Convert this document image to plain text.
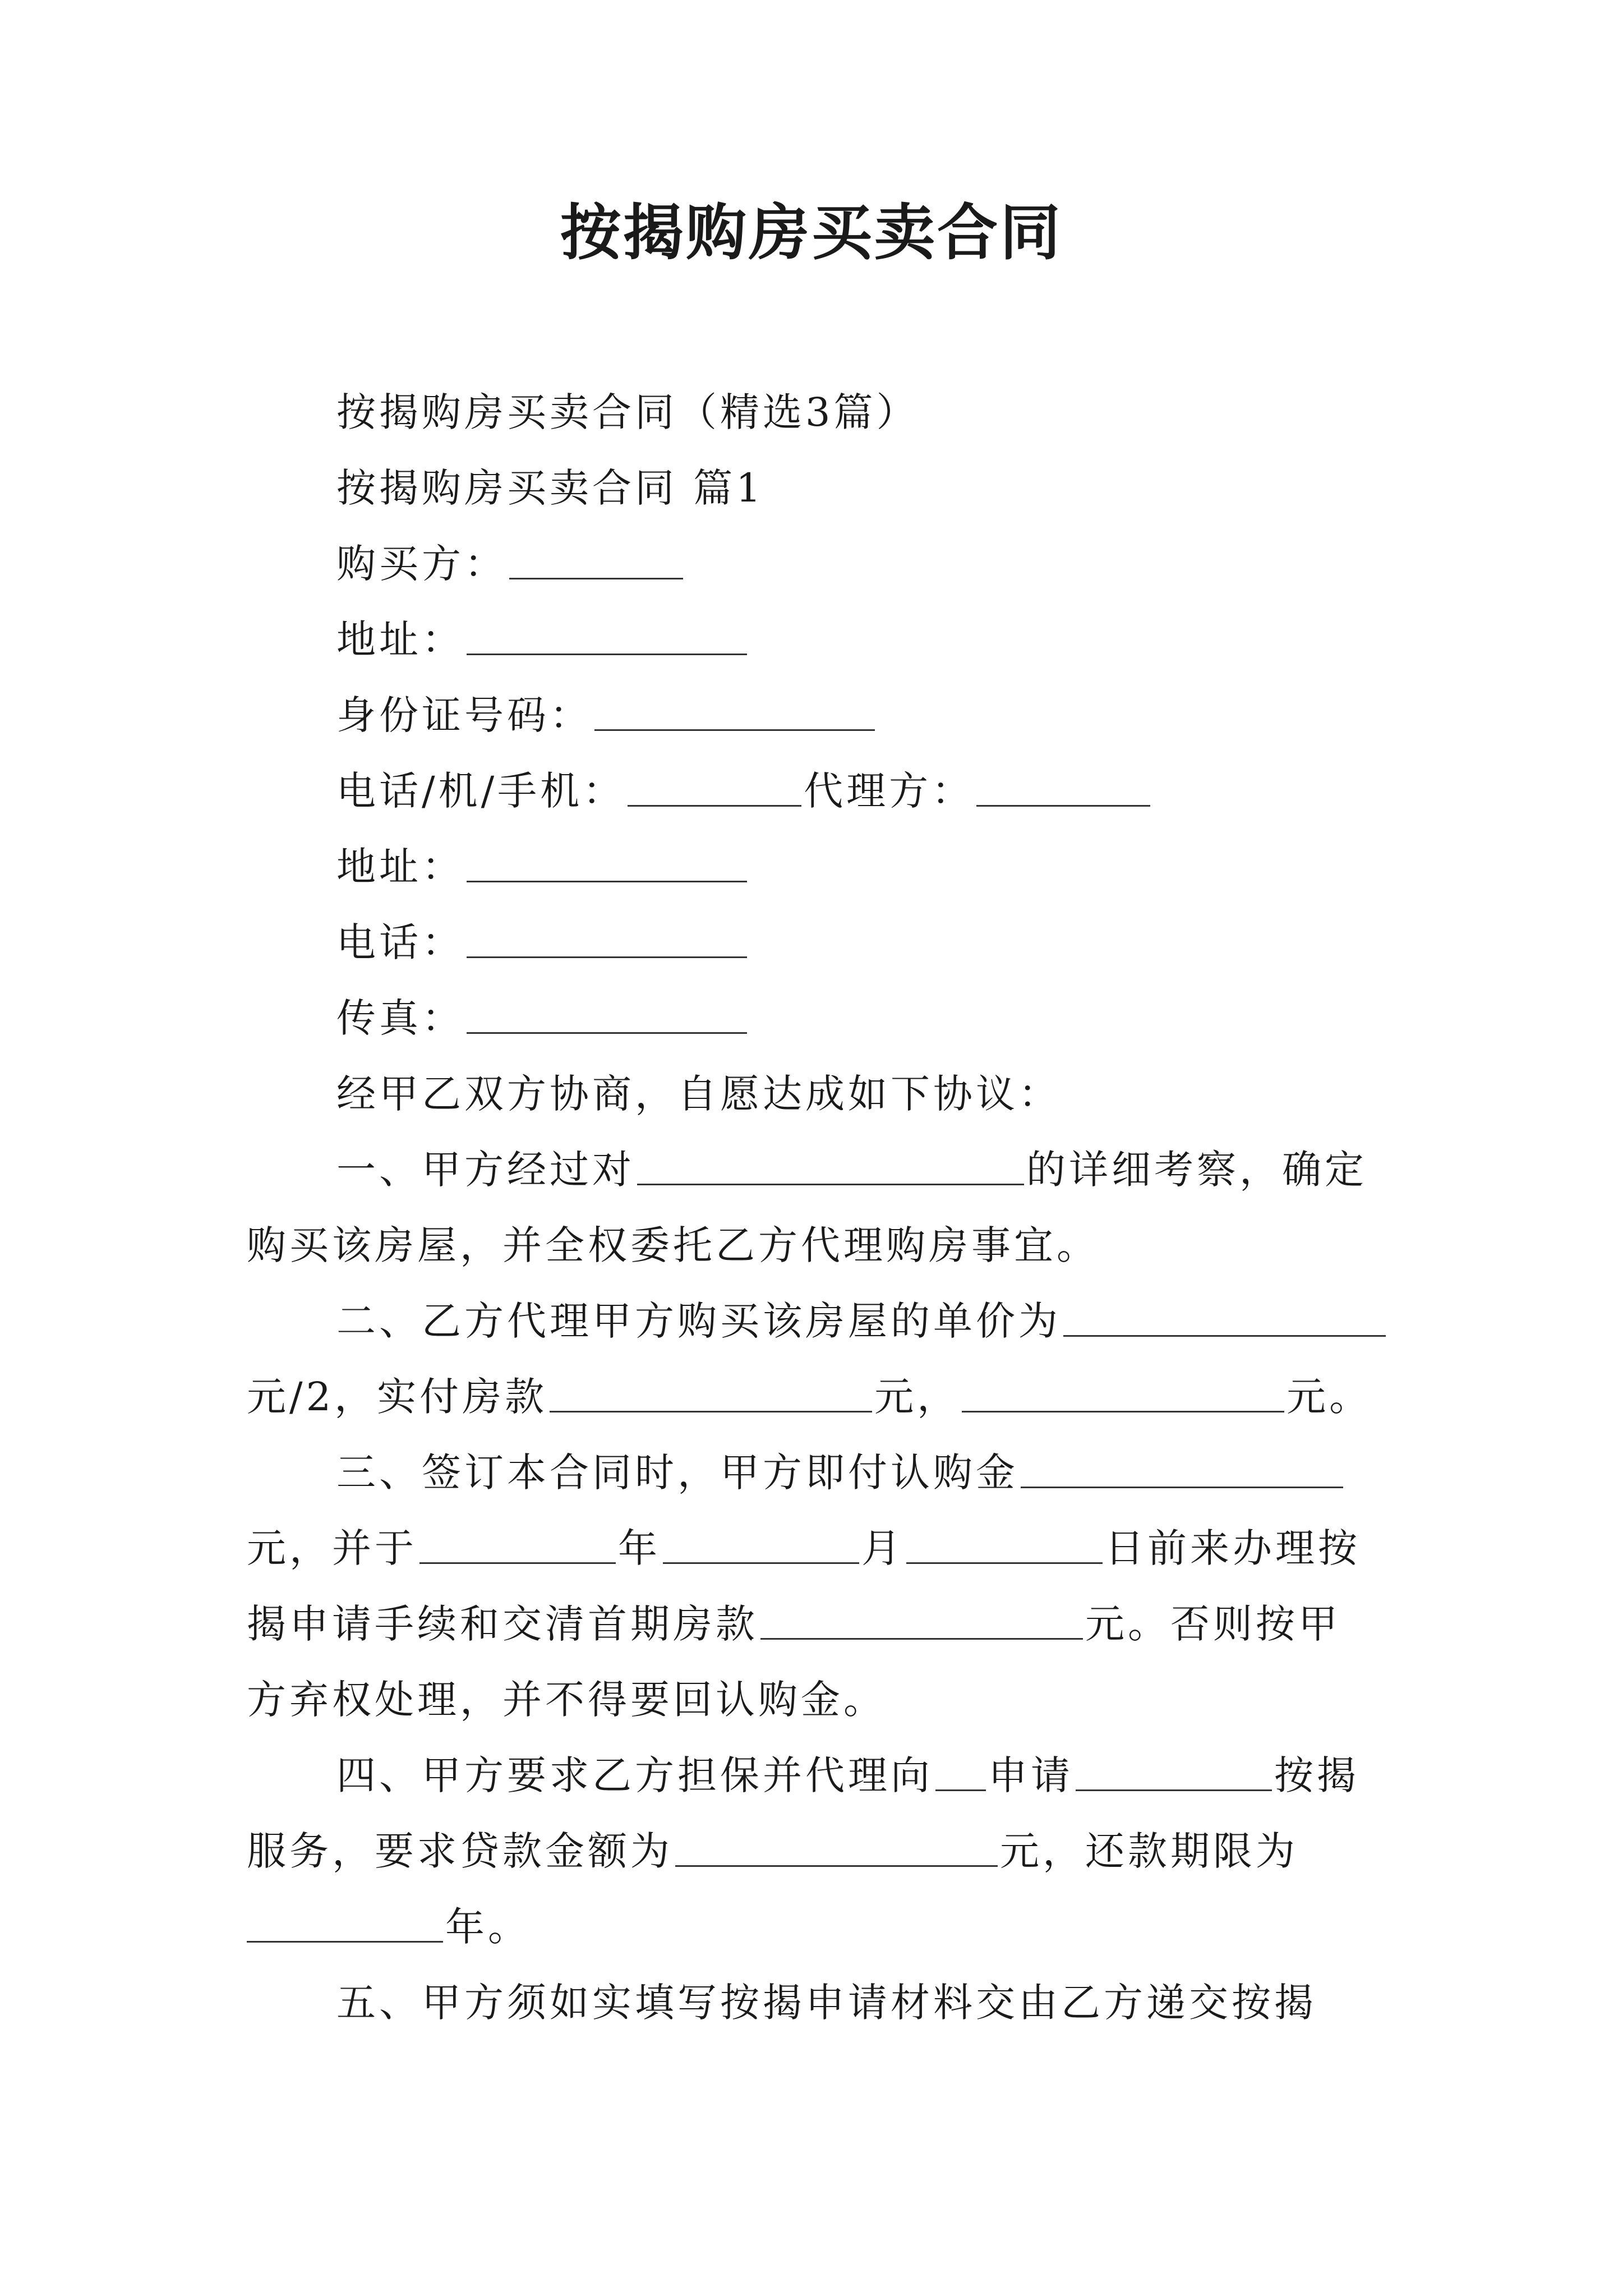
按揭购房买卖合同
按揭购房买卖合同（精选3篇）
按揭购房买卖合同 篇1
购买方：
地址：
身份证号码：
电话/机/手机：	代理方：
地址：
电话：
传真：
经甲乙双方协商，自愿达成如下协议：
一、甲方经过对	的详细考察，确定
购买该房屋，并全权委托乙方代理购房事宜。
二、乙方代理甲方购买该房屋的单价为
元/2，实付房款	元，	元。
三、签订本合同时，甲方即付认购金
元，并于	年	月	日前来办理按
揭申请手续和交清首期房款	元。否则按甲
方弃权处理，并不得要回认购金。
四、甲方要求乙方担保并代理向 申请	按揭
服务，要求贷款金额为	元，还款期限为
年。
五、甲方须如实填写按揭申请材料交由乙方递交按揭
